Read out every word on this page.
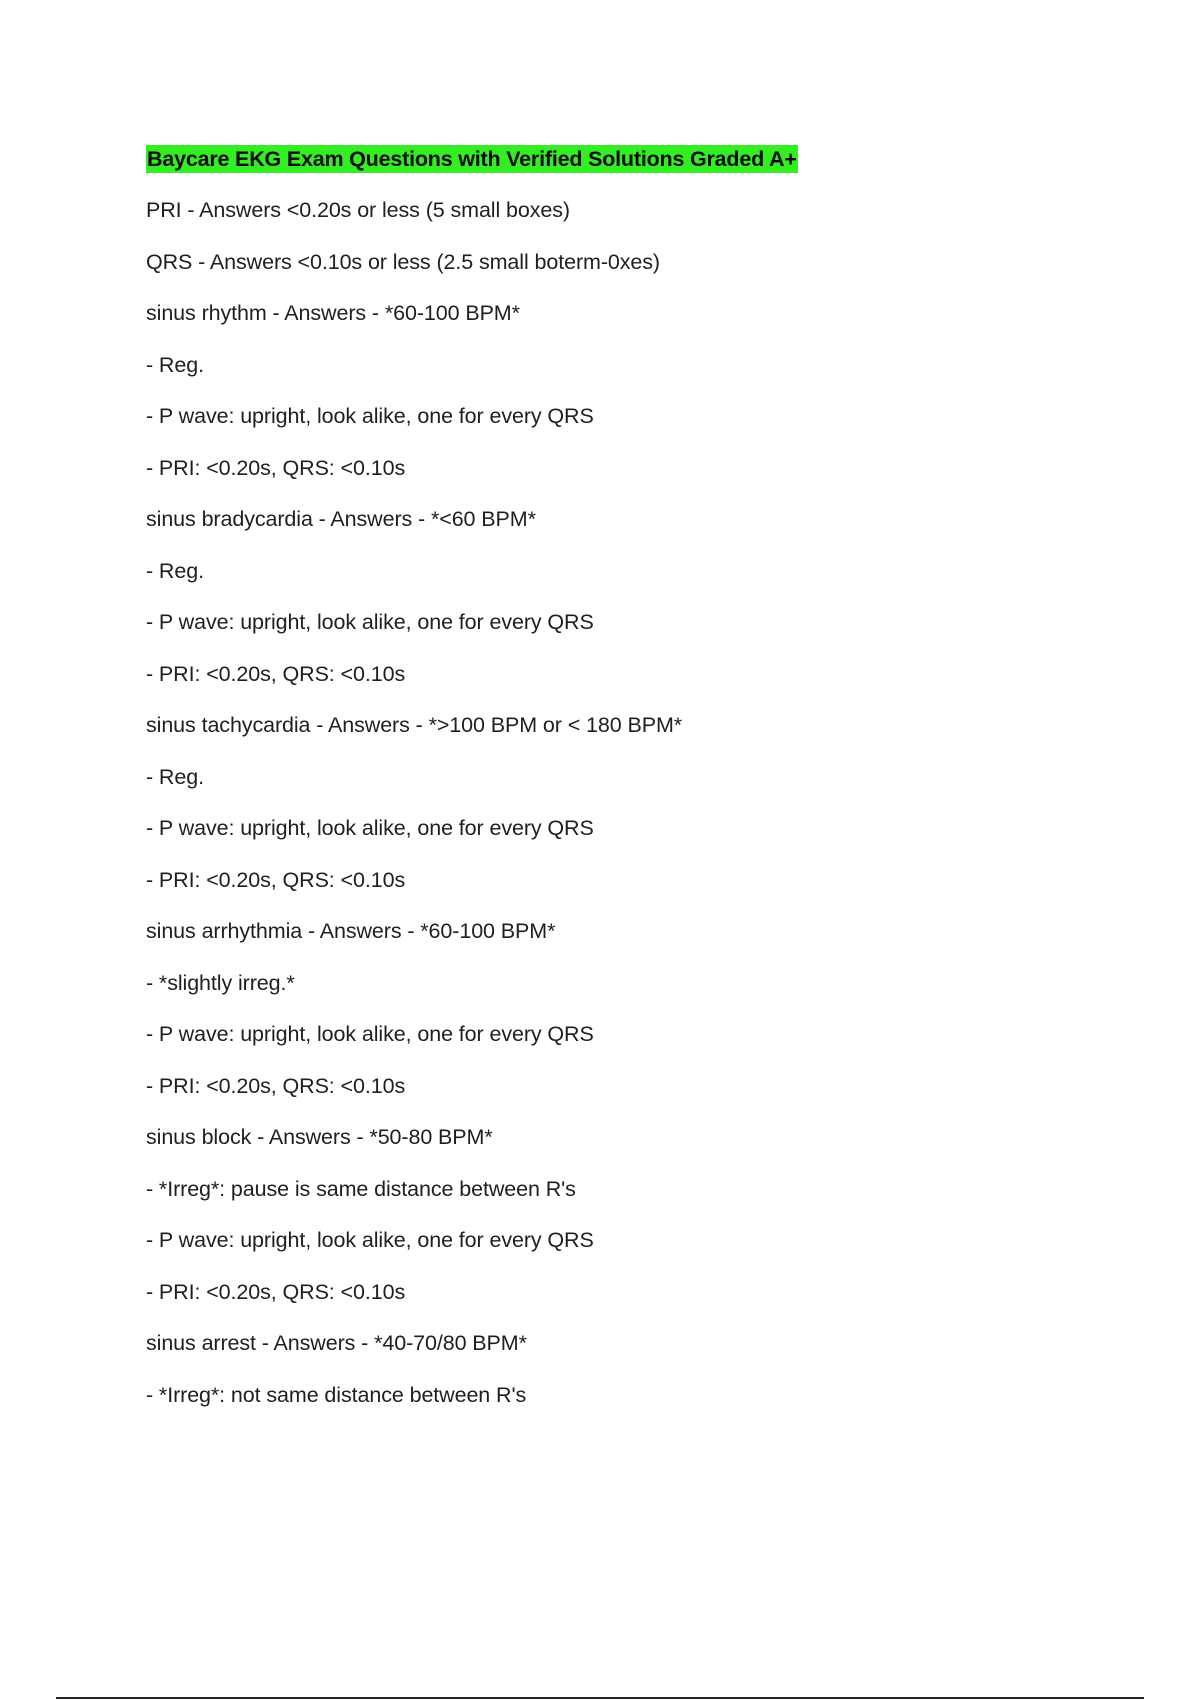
Baycare EKG Exam Questions with Verified Solutions Graded A+
PRI - Answers <0.20s or less (5 small boxes)
QRS - Answers <0.10s or less (2.5 small boterm-0xes)
sinus rhythm - Answers - *60-100 BPM*
- Reg.
- P wave: upright, look alike, one for every QRS
- PRI: <0.20s, QRS: <0.10s
sinus bradycardia - Answers - *<60 BPM*
- Reg.
- P wave: upright, look alike, one for every QRS
- PRI: <0.20s, QRS: <0.10s
sinus tachycardia - Answers - *>100 BPM or < 180 BPM*
- Reg.
- P wave: upright, look alike, one for every QRS
- PRI: <0.20s, QRS: <0.10s
sinus arrhythmia - Answers - *60-100 BPM*
- *slightly irreg.*
- P wave: upright, look alike, one for every QRS
- PRI: <0.20s, QRS: <0.10s
sinus block - Answers - *50-80 BPM*
- *Irreg*: pause is same distance between R's
- P wave: upright, look alike, one for every QRS
- PRI: <0.20s, QRS: <0.10s
sinus arrest - Answers - *40-70/80 BPM*
- *Irreg*: not same distance between R's
